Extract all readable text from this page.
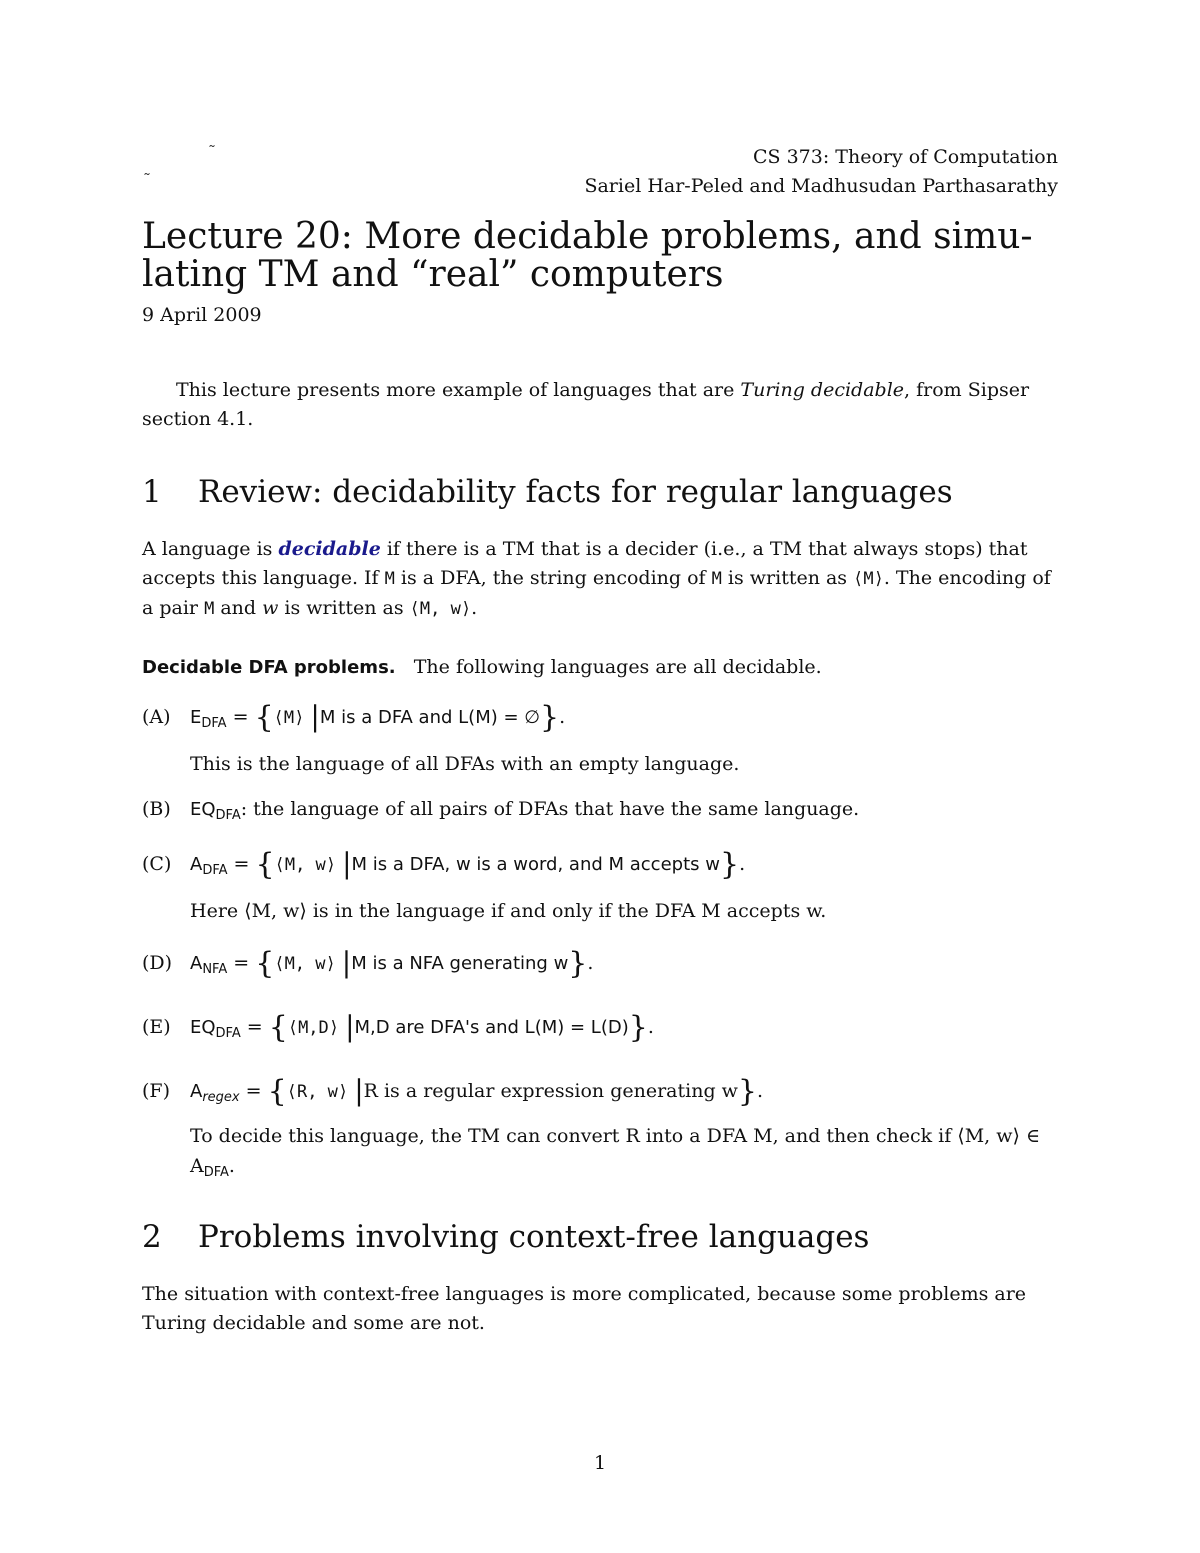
˜
˜
CS 373: Theory of Computation
Sariel Har-Peled and Madhusudan Parthasarathy
Lecture 20: More decidable problems, and simu- lating TM and “real” computers
9 April 2009

This lecture presents more example of languages that are Turing decidable, from Sipser section 4.1.

1 Review: decidability facts for regular languages

A language is decidable if there is a TM that is a decider (i.e., a TM that always stops) that accepts this language. If M is a DFA, the string encoding of M is written as ⟨M⟩. The encoding of a pair M and w is written as ⟨M, w⟩.

Decidable DFA problems. The following languages are all decidable.
(A) $E_{DFA}$ = {⟨M⟩ |M is a DFA and L(M) = ∅}.
This is the language of all DFAs with an empty language.
(B) $EQ_{DFA}$: the language of all pairs of DFAs that have the same language.
(C) $A_{DFA}$ = {⟨M, w⟩ |M is a DFA, w is a word, and M accepts w}.
Here ⟨M, w⟩ is in the language if and only if the DFA M accepts w.
(D) $A_{NFA}$ = {⟨M, w⟩ |M is a NFA generating w}.
(E) $EQ_{DFA}$ = {⟨M,D⟩ |M,D are DFA's and L(M) = L(D)}.
(F) $A_{regex}$ = {⟨R, w⟩ |R is a regular expression generating w}.
To decide this language, the TM can convert R into a DFA M, and then check if ⟨M, w⟩ ∈ $A_{DFA}$.
2 Problems involving context-free languages

The situation with context-free languages is more complicated, because some problems are Turing decidable and some are not.

1
